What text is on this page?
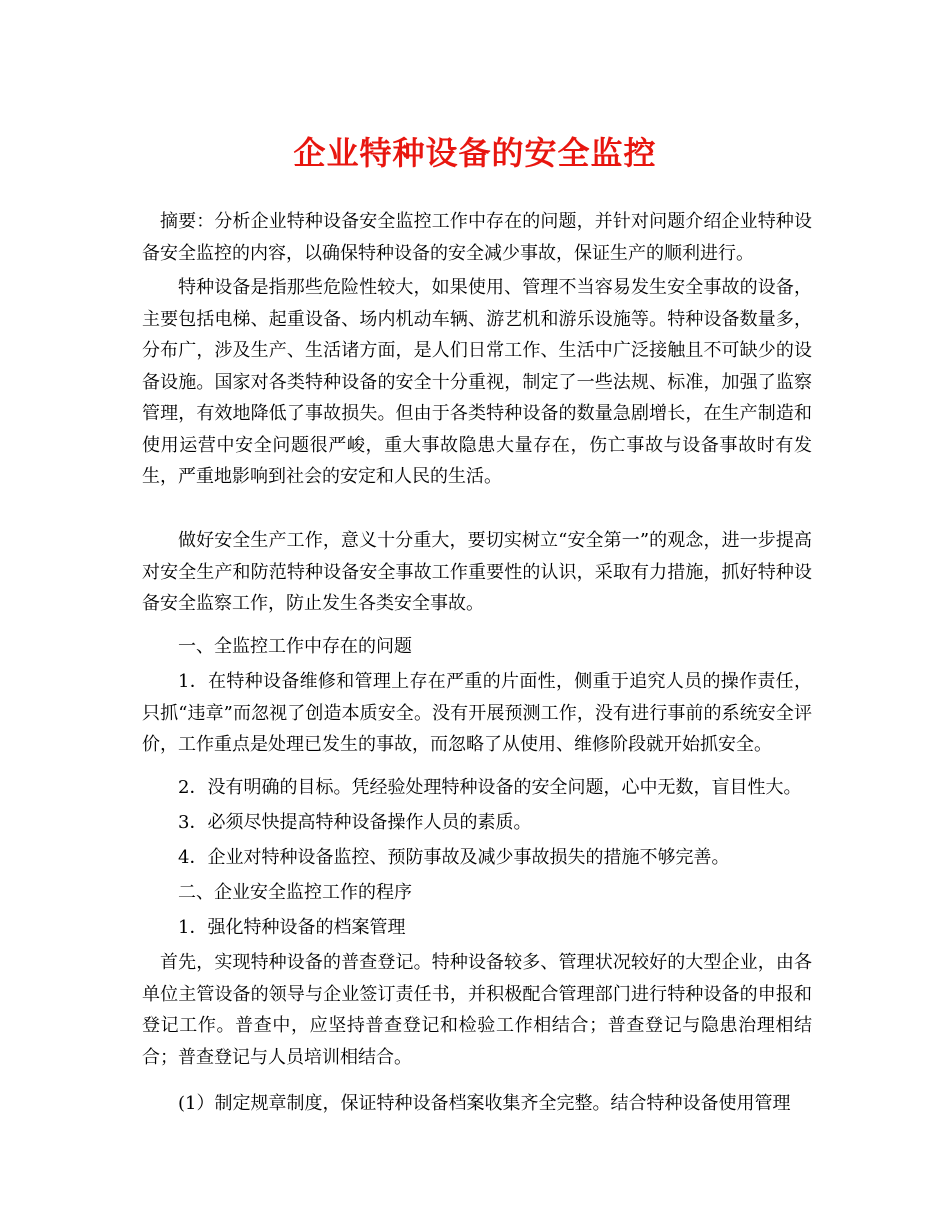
企业特种设备的安全监控

摘要：分析企业特种设备安全监控工作中存在的问题，并针对问题介绍企业特种设备安全监控的内容，以确保特种设备的安全减少事故，保证生产的顺利进行。

特种设备是指那些危险性较大，如果使用、管理不当容易发生安全事故的设备，主要包括电梯、起重设备、场内机动车辆、游艺机和游乐设施等。特种设备数量多，分布广，涉及生产、生活诸方面，是人们日常工作、生活中广泛接触且不可缺少的设备设施。国家对各类特种设备的安全十分重视，制定了一些法规、标准，加强了监察管理，有效地降低了事故损失。但由于各类特种设备的数量急剧增长，在生产制造和使用运营中安全问题很严峻，重大事故隐患大量存在，伤亡事故与设备事故时有发生，严重地影响到社会的安定和人民的生活。

做好安全生产工作，意义十分重大，要切实树立“安全第一”的观念，进一步提高对安全生产和防范特种设备安全事故工作重要性的认识，采取有力措施，抓好特种设备安全监察工作，防止发生各类安全事故。

一、全监控工作中存在的问题

1．在特种设备维修和管理上存在严重的片面性，侧重于追究人员的操作责任，只抓“违章”而忽视了创造本质安全。没有开展预测工作，没有进行事前的系统安全评价，工作重点是处理已发生的事故，而忽略了从使用、维修阶段就开始抓安全。

2．没有明确的目标。凭经验处理特种设备的安全问题，心中无数，盲目性大。

3．必须尽快提高特种设备操作人员的素质。

4．企业对特种设备监控、预防事故及减少事故损失的措施不够完善。

二、企业安全监控工作的程序

1．强化特种设备的档案管理

首先，实现特种设备的普查登记。特种设备较多、管理状况较好的大型企业，由各单位主管设备的领导与企业签订责任书，并积极配合管理部门进行特种设备的申报和登记工作。普查中，应坚持普查登记和检验工作相结合；普查登记与隐患治理相结合；普查登记与人员培训相结合。

(1）制定规章制度，保证特种设备档案收集齐全完整。结合特种设备使用管理
